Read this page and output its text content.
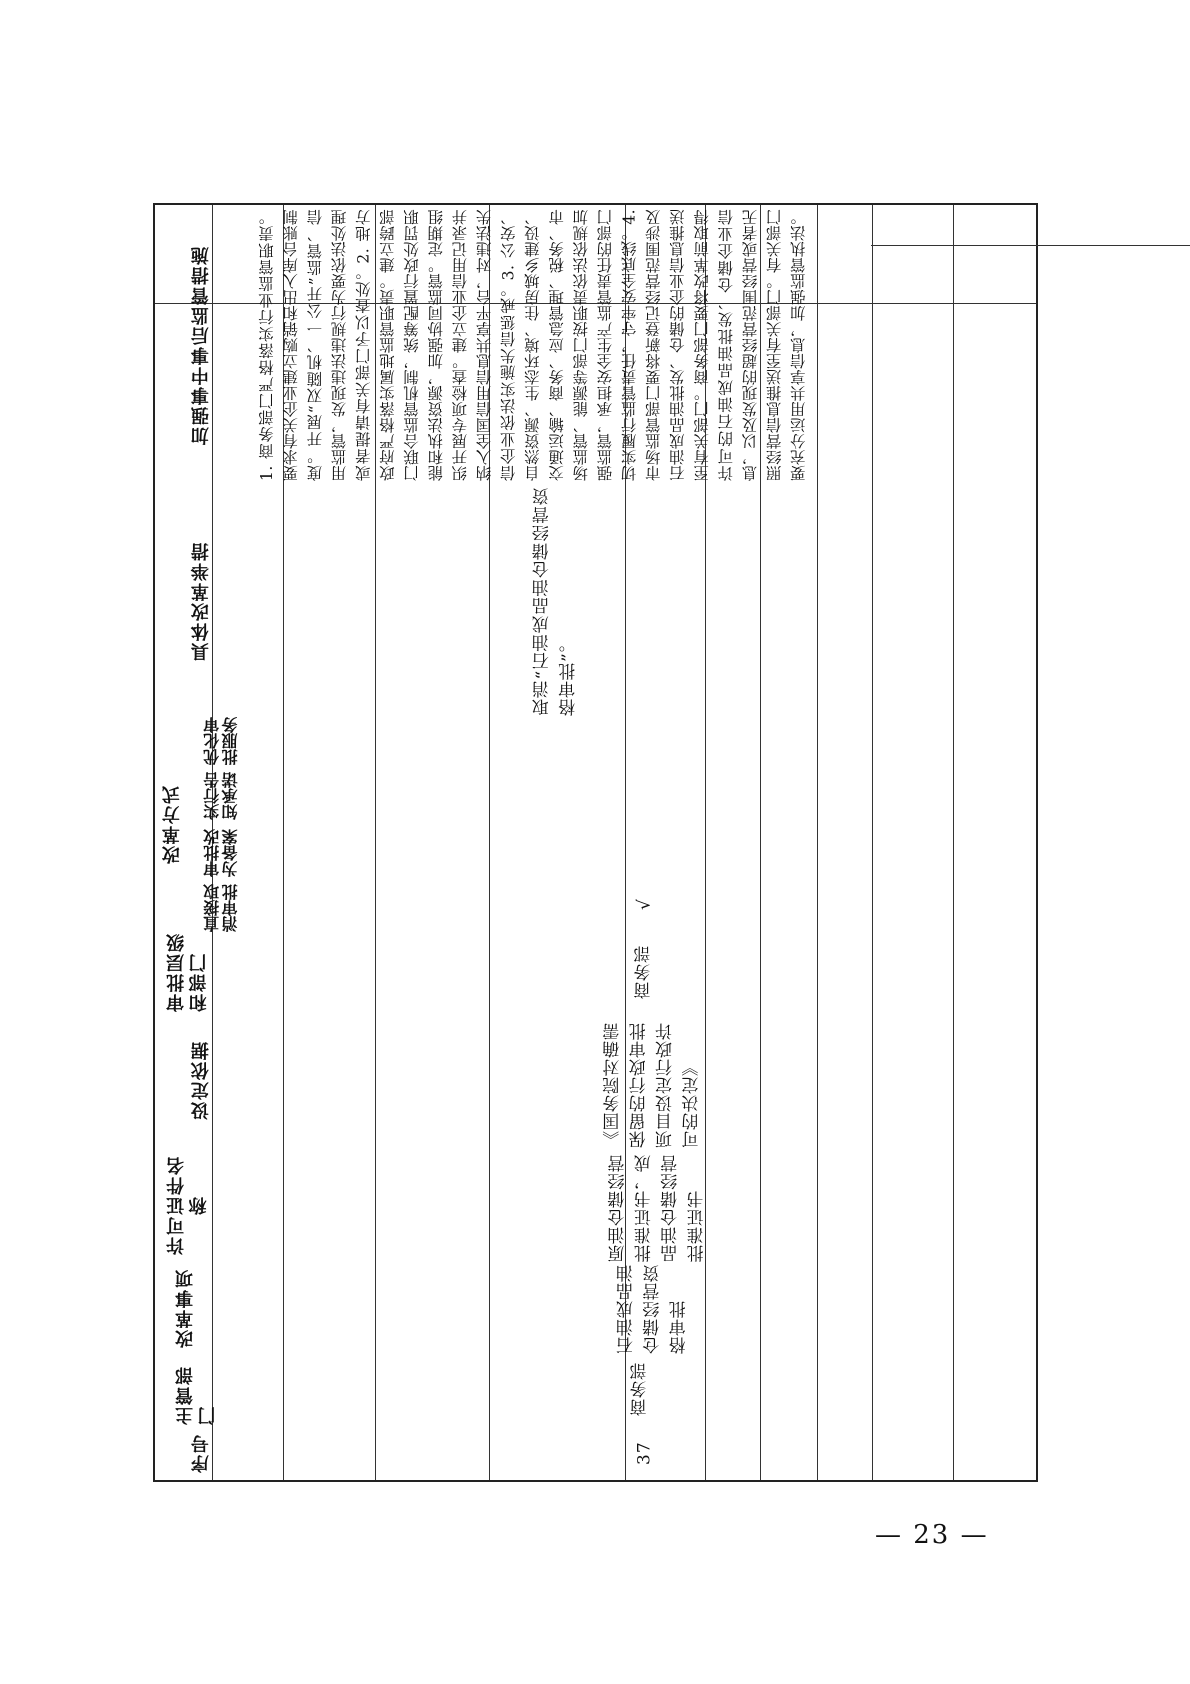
序号
主管部门
改革事项
许可证件名称
设定依据
审批层级和部门
改革方式
直接取消审批
审批改为备案
实行告知承诺
优化审批服务
具体改革举措
加强事中事后监管措施
37
商务部
石油成品油仓储经营资格审批
原油仓储经营批准证书，成品油仓储经营批准证书
《国务院对确需保留的行政审批项目设定行政许可的决定》
商务部
√
取消“石油成品油仓储经营资格审批”。
1. 商务部门严格落实行业监管职责。要求有关企业建立购销和出入库台账制度。开展“双随机、一公开”监管、信用监管，发现违法违规行为要依法处理或者提请有关部门予以查处。2. 地方政府严格落实属地监管职责。建立跨部门联合监管机制，统筹配置行政处罚职能和执法资源，加强协同监管。定期组织开展专项检查。建立企业信用记录并纳入全国信用信息共享平台，对违法失信企业依法实施失信惩戒。3. 公安、自然资源、生态环境、住房城乡建设、交通运输、商务、应急管理、税务、市场监管、能源等部门按职责依法依规加强监管，承担安全生产监管责任的部门切实履行监管责任，守牢安全底线。4. 市场监管部门要将新登记经营范围涉及石油成品油批发、仓储的企业信息推送至有关部门。商务部门要将改革前取得许可的石油成品油批发、仓储企业信息，以及发现的超经营范围经营或者无照经营信息推送至有关部门。有关部门要充分运用共享信息，加强监管执法。
— 23 —
